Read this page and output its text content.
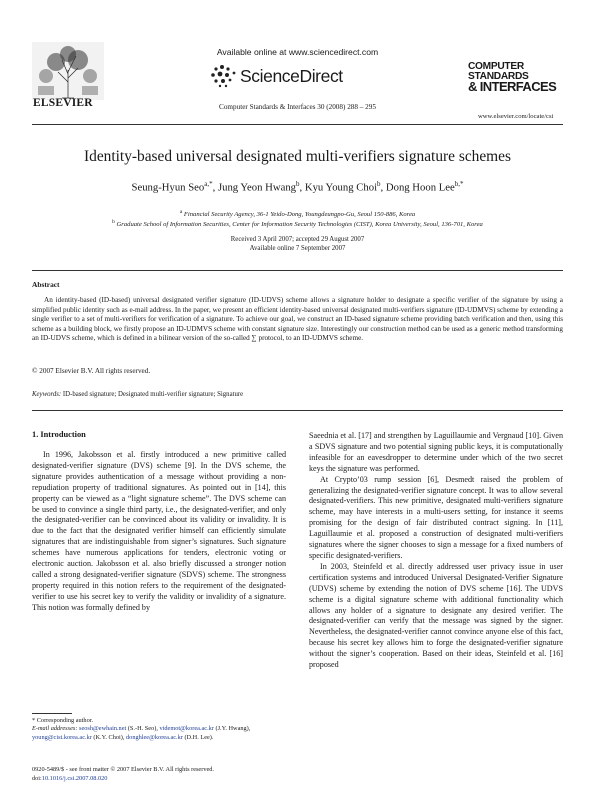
ELSEVIER
Available online at www.sciencedirect.com
ScienceDirect
Computer Standards & Interfaces 30 (2008) 288 – 295
COMPUTER STANDARDS
& INTERFACES
www.elsevier.com/locate/csi
Identity-based universal designated multi-verifiers signature schemes
Seung-Hyun Seo$^{a,*}$, Jung Yeon Hwang$^b$, Kyu Young Choi$^b$, Dong Hoon Lee$^{b,*}$
$^a$ Financial Security Agency, 36-1 Yeido-Dong, Youngdeungpo-Gu, Seoul 150-886, Korea
$^b$ Graduate School of Information Securities, Center for Information Security Technologies (CIST), Korea University, Seoul, 136-701, Korea
Received 3 April 2007; accepted 29 August 2007
Available online 7 September 2007
Abstract
An identity-based (ID-based) universal designated verifier signature (ID-UDVS) scheme allows a signature holder to designate a specific verifier of the signature by using a simplified public identity such as e-mail address. In the paper, we present an efficient identity-based universal designated multi-verifiers signature (ID-UDMVS) scheme by extending a single verifier to a set of multi-verifiers for verification of a signature. To achieve our goal, we construct an ID-based signature scheme providing batch verification and then, using this scheme as a building block, we firstly propose an ID-UDMVS scheme with constant signature size. Interestingly our construction method can be used as a generic method transforming an ID-UDVS scheme, which is defined in a bilinear version of the so-called ∑ protocol, to an ID-UDMVS scheme.
© 2007 Elsevier B.V. All rights reserved.
Keywords: ID-based signature; Designated multi-verifier signature; Signature
1. Introduction

In 1996, Jakobsson et al. firstly introduced a new primitive called designated-verifier signature (DVS) scheme [9]. In the DVS scheme, the signature provides authentication of a message without providing a non-repudiation property of traditional signatures. As pointed out in [14], this property can be viewed as a “light signature scheme”. The DVS scheme can be used to convince a single third party, i.e., the designated-verifier, and only the designated-verifier can be convinced about its validity or invalidity. It is due to the fact that the designated verifier himself can efficiently simulate signatures that are indistinguishable from signer’s signatures. Such signature schemes have numerous applications for tenders, electronic voting or electronic auction. Jakobsson et al. also briefly discussed a stronger notion called a strong designated-verifier signature (SDVS) scheme. The strongness property required in this notion refers to the requirement of the designated-verifier to use his secret key to verify the validity or invalidity of a signature. This notion was formally defined by

Saeednia et al. [17] and strengthen by Laguillaumie and Vergnaud [10]. Given a SDVS signature and two potential signing public keys, it is computationally infeasible for an eavesdropper to determine under which of the two secret keys the signature was performed.

At Crypto’03 rump session [6], Desmedt raised the problem of generalizing the designated-verifier signature concept. It was to allow several designated-verifiers. This new primitive, designated multi-verifiers signature scheme, may have interests in a multi-users setting, for instance it seems promising for the design of fair distributed contract signing. In [11], Laguillaumie et al. proposed a construction of designated multi-verifiers signatures where the signer chooses to sign a message for a fixed numbers of specific designated-verifiers.

In 2003, Steinfeld et al. directly addressed user privacy issue in user certification systems and introduced Universal Designated-Verifier Signature (UDVS) scheme by extending the notion of DVS scheme [16]. The UDVS scheme is a digital signature scheme with additional functionality which allows any holder of a signature to designate any desired verifier. The designated-verifier can verify that the message was signed by the signer. Nevertheless, the designated-verifier cannot convince anyone else of this fact, because his secret key allows him to forge the designated-verifier signature without the signer’s cooperation. Based on their ideas, Steinfeld et al. [16] proposed

* Corresponding author.
E-mail addresses: seosh@ewhain.net (S.-H. Seo), videmot@korea.ac.kr (J.Y. Hwang), young@cist.korea.ac.kr (K.Y. Choi), donghlee@korea.ac.kr (D.H. Lee).
0920-5489/$ - see front matter © 2007 Elsevier B.V. All rights reserved.
doi:10.1016/j.csi.2007.08.020
